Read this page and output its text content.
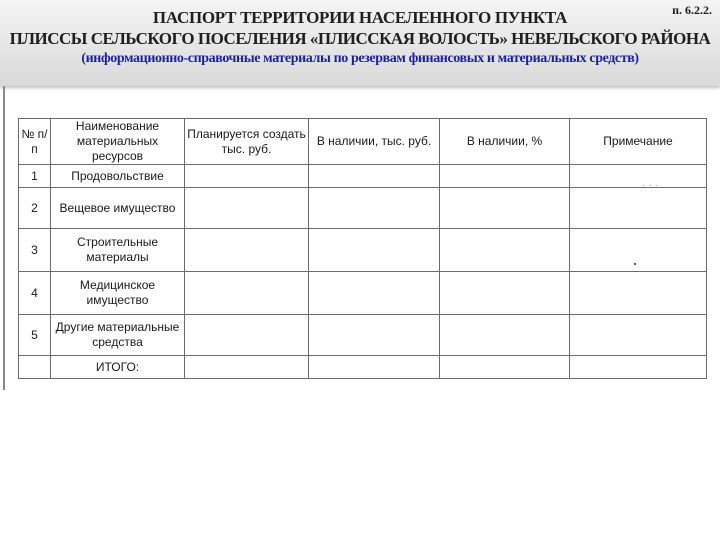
п. 6.2.2.
ПАСПОРТ ТЕРРИТОРИИ НАСЕЛЕННОГО ПУНКТА
ПЛИССЫ СЕЛЬСКОГО ПОСЕЛЕНИЯ «ПЛИССКАЯ ВОЛОСТЬ» НЕВЕЛЬСКОГО РАЙОНА
(информационно-справочные материалы по резервам финансовых и материальных средств)
№ п/п	Наименование материальных ресурсов	Планируется создать тыс. руб.	В наличии, тыс. руб.	В наличии, %	Примечание
1	Продовольствие				
2	Вещевое имущество				
3	Строительные материалы				
4	Медицинское имущество				
5	Другие материальные средства				
	ИТОГО:				
· · ·
